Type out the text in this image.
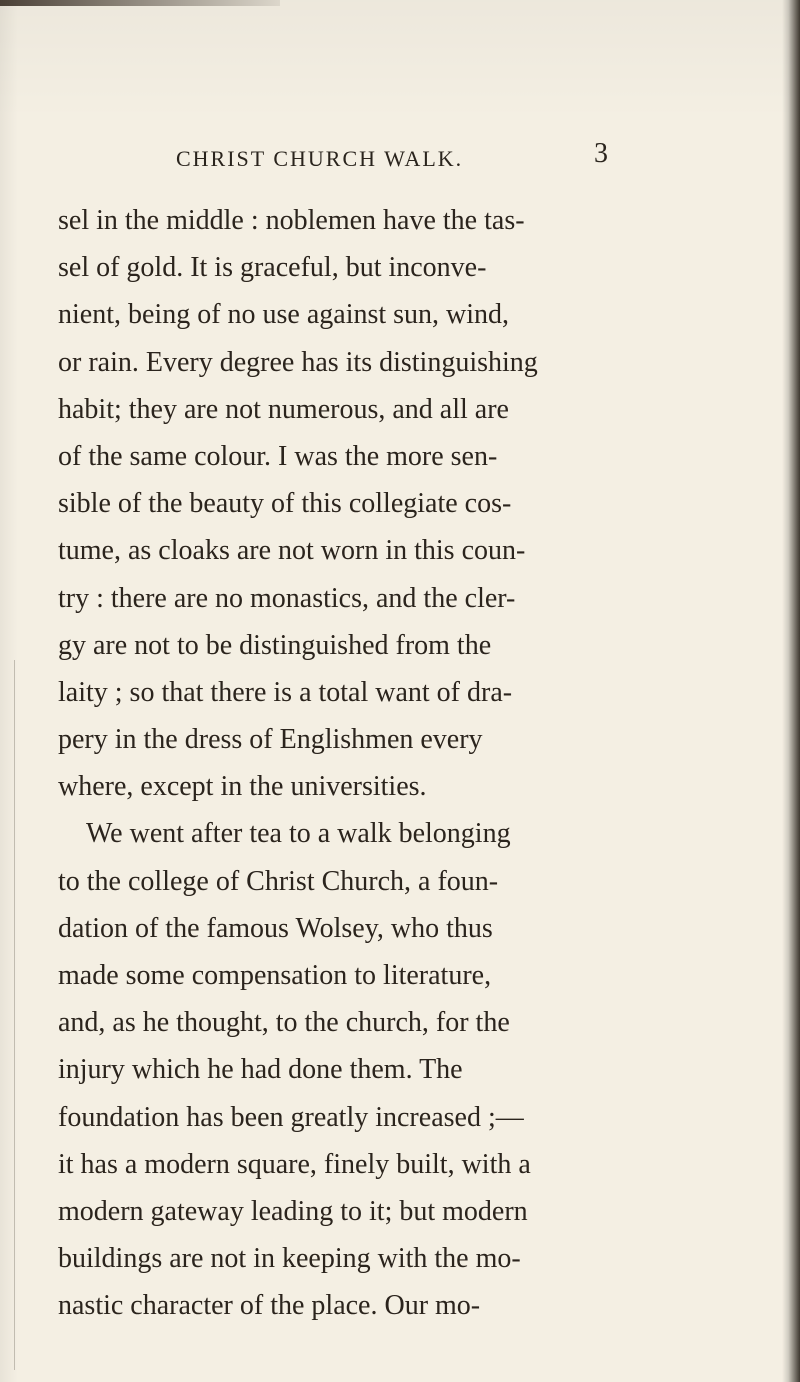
CHRIST CHURCH WALK.	3
sel in the middle : noblemen have the tas-
sel of gold. It is graceful, but inconve-
nient, being of no use against sun, wind,
or rain. Every degree has its distinguishing
habit; they are not numerous, and all are
of the same colour. I was the more sen-
sible of the beauty of this collegiate cos-
tume, as cloaks are not worn in this coun-
try : there are no monastics, and the cler-
gy are not to be distinguished from the
laity ; so that there is a total want of dra-
pery in the dress of Englishmen every
where, except in the universities.
We went after tea to a walk belonging
to the college of Christ Church, a foun-
dation of the famous Wolsey, who thus
made some compensation to literature,
and, as he thought, to the church, for the
injury which he had done them. The
foundation has been greatly increased ;—
it has a modern square, finely built, with a
modern gateway leading to it; but modern
buildings are not in keeping with the mo-
nastic character of the place. Our mo-
